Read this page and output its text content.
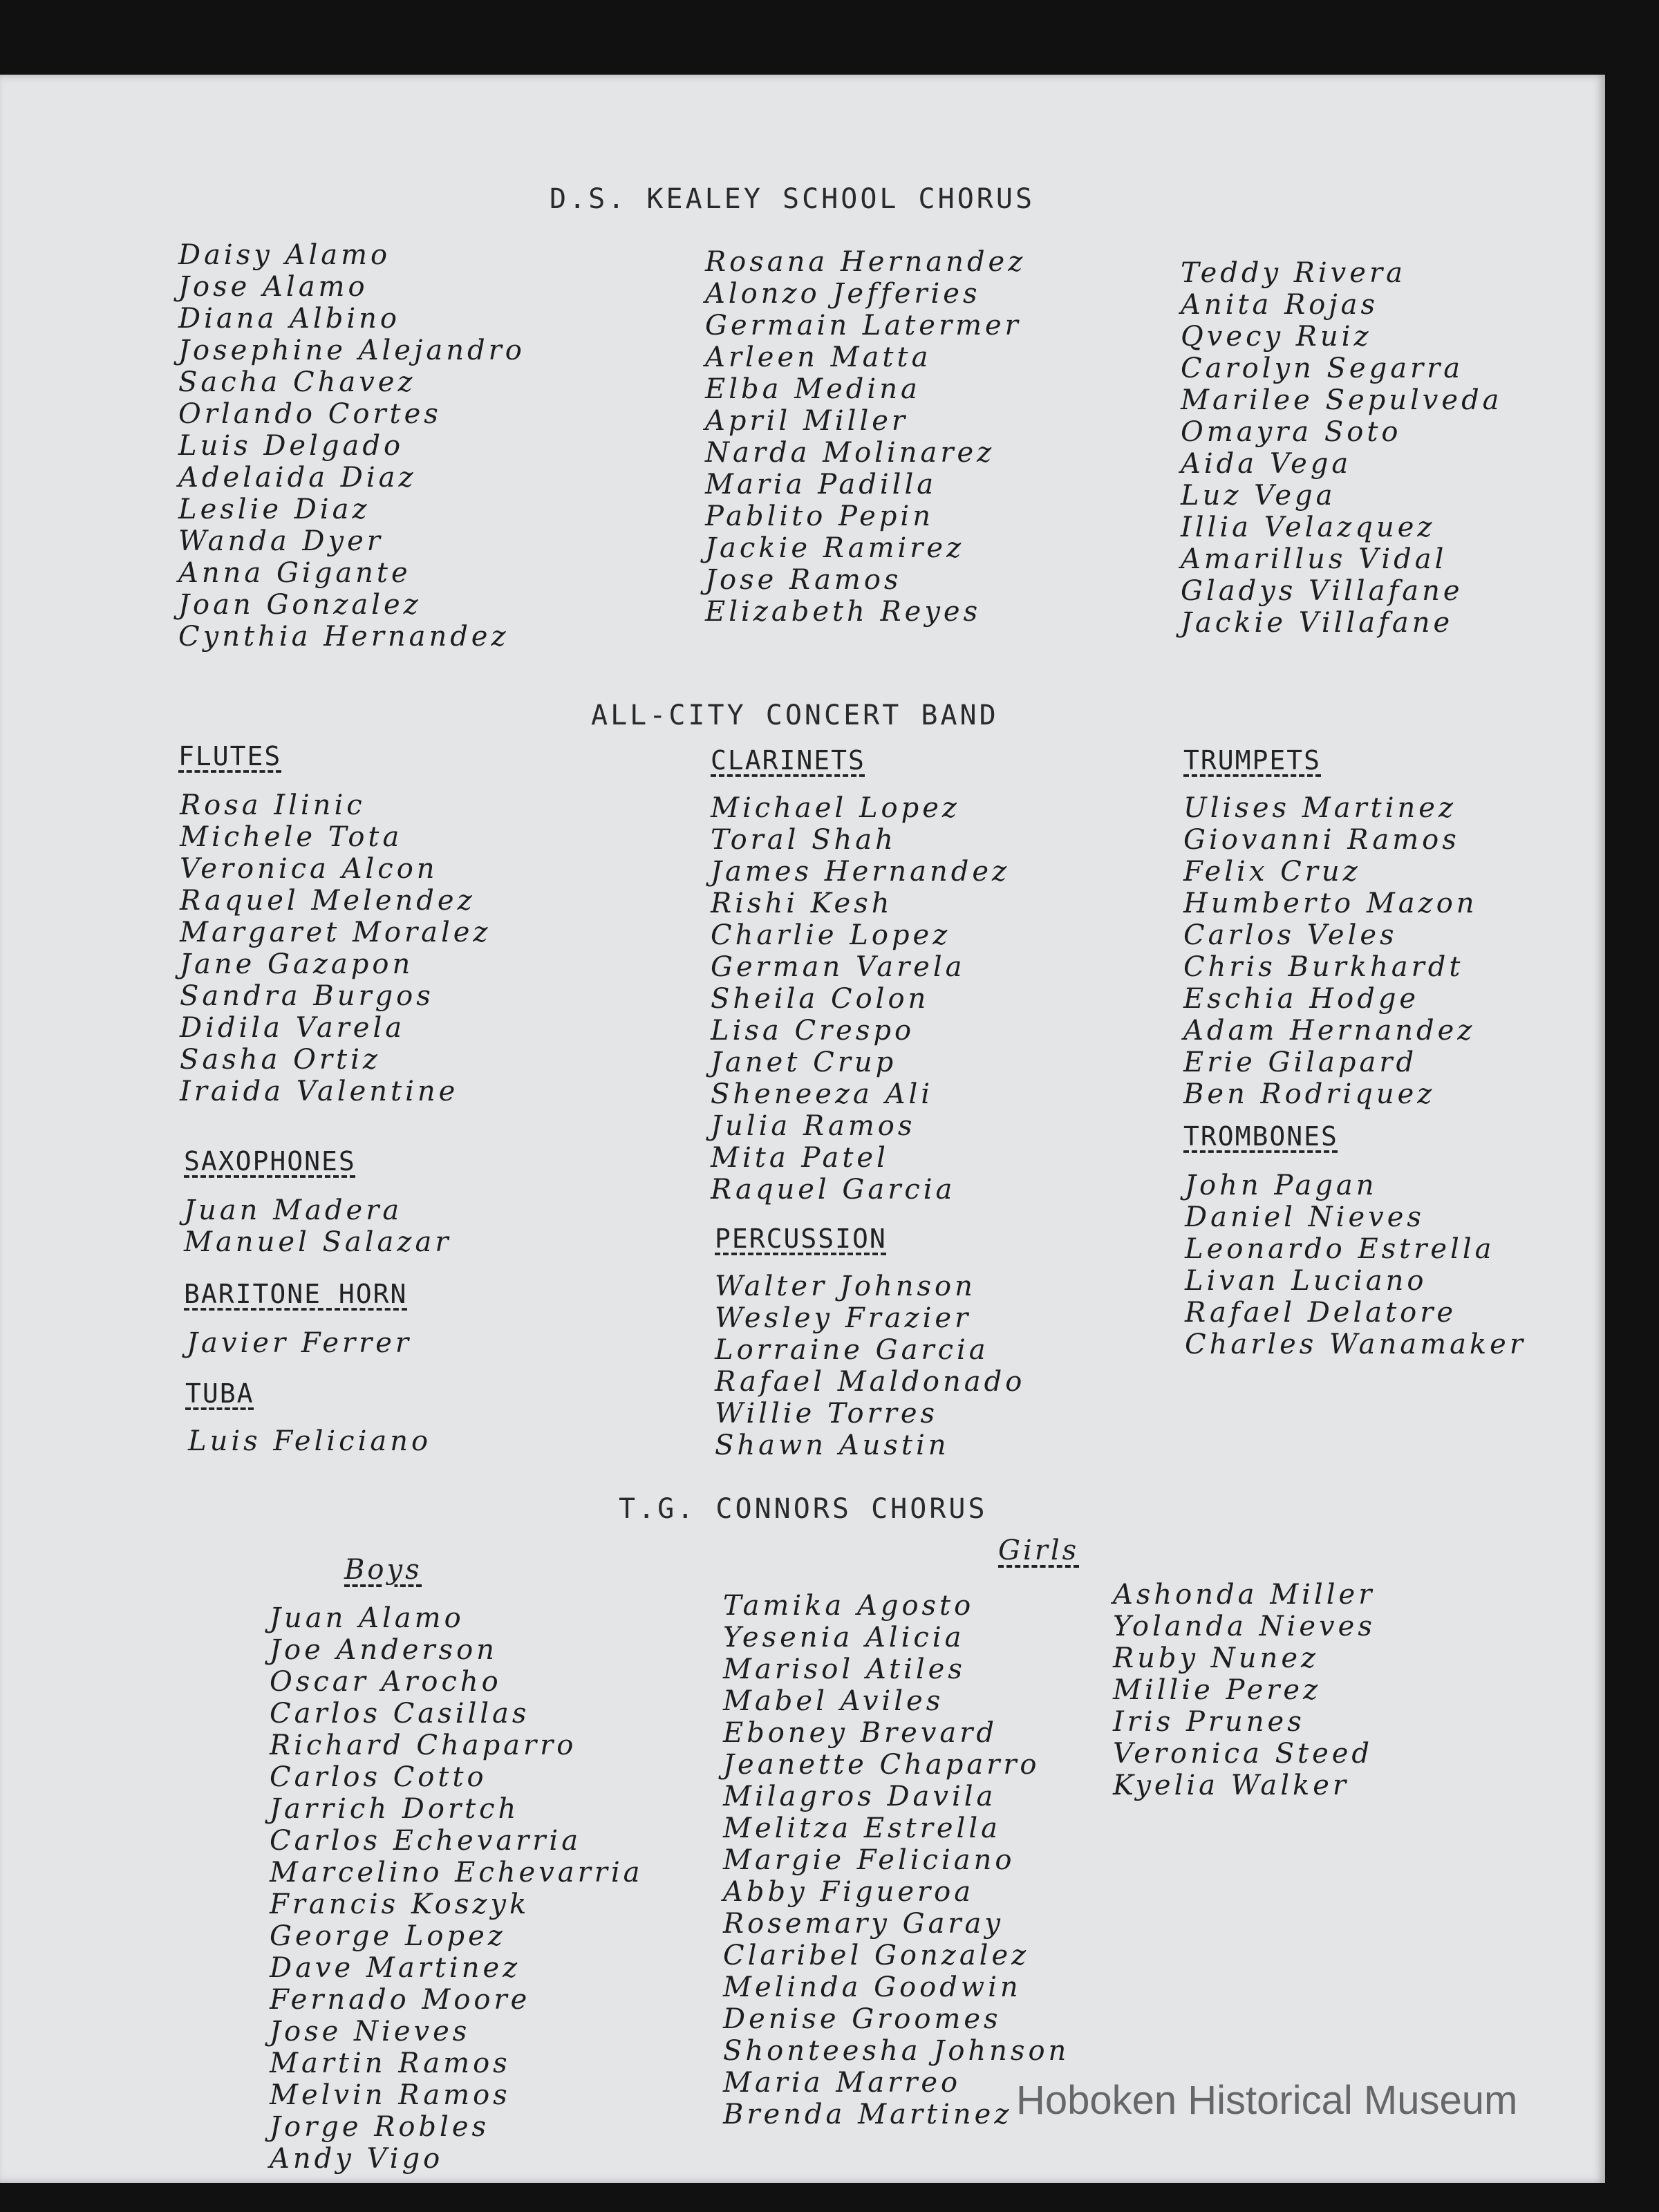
D.S. KEALEY SCHOOL CHORUS
Daisy Alamo
Jose Alamo
Diana Albino
Josephine Alejandro
Sacha Chavez
Orlando Cortes
Luis Delgado
Adelaida Diaz
Leslie Diaz
Wanda Dyer
Anna Gigante
Joan Gonzalez
Cynthia Hernandez
Rosana Hernandez
Alonzo Jefferies
Germain Latermer
Arleen Matta
Elba Medina
April Miller
Narda Molinarez
Maria Padilla
Pablito Pepin
Jackie Ramirez
Jose Ramos
Elizabeth Reyes
Teddy Rivera
Anita Rojas
Qvecy Ruiz
Carolyn Segarra
Marilee Sepulveda
Omayra Soto
Aida Vega
Luz Vega
Illia Velazquez
Amarillus Vidal
Gladys Villafane
Jackie Villafane
ALL-CITY CONCERT BAND
FLUTES
Rosa Ilinic
Michele Tota
Veronica Alcon
Raquel Melendez
Margaret Moralez
Jane Gazapon
Sandra Burgos
Didila Varela
Sasha Ortiz
Iraida Valentine
SAXOPHONES
Juan Madera
Manuel Salazar
BARITONE HORN
Javier Ferrer
TUBA
Luis Feliciano
CLARINETS
Michael Lopez
Toral Shah
James Hernandez
Rishi Kesh
Charlie Lopez
German Varela
Sheila Colon
Lisa Crespo
Janet Crup
Sheneeza Ali
Julia Ramos
Mita Patel
Raquel Garcia
PERCUSSION
Walter Johnson
Wesley Frazier
Lorraine Garcia
Rafael Maldonado
Willie Torres
Shawn Austin
TRUMPETS
Ulises Martinez
Giovanni Ramos
Felix Cruz
Humberto Mazon
Carlos Veles
Chris Burkhardt
Eschia Hodge
Adam Hernandez
Erie Gilapard
Ben Rodriquez
TROMBONES
John Pagan
Daniel Nieves
Leonardo Estrella
Livan Luciano
Rafael Delatore
Charles Wanamaker
T.G. CONNORS CHORUS
Boys
Juan Alamo
Joe Anderson
Oscar Arocho
Carlos Casillas
Richard Chaparro
Carlos Cotto
Jarrich Dortch
Carlos Echevarria
Marcelino Echevarria
Francis Koszyk
George Lopez
Dave Martinez
Fernado Moore
Jose Nieves
Martin Ramos
Melvin Ramos
Jorge Robles
Andy Vigo
Girls
Tamika Agosto
Yesenia Alicia
Marisol Atiles
Mabel Aviles
Eboney Brevard
Jeanette Chaparro
Milagros Davila
Melitza Estrella
Margie Feliciano
Abby Figueroa
Rosemary Garay
Claribel Gonzalez
Melinda Goodwin
Denise Groomes
Shonteesha Johnson
Maria Marreo
Brenda Martinez
Ashonda Miller
Yolanda Nieves
Ruby Nunez
Millie Perez
Iris Prunes
Veronica Steed
Kyelia Walker
Hoboken Historical Museum
